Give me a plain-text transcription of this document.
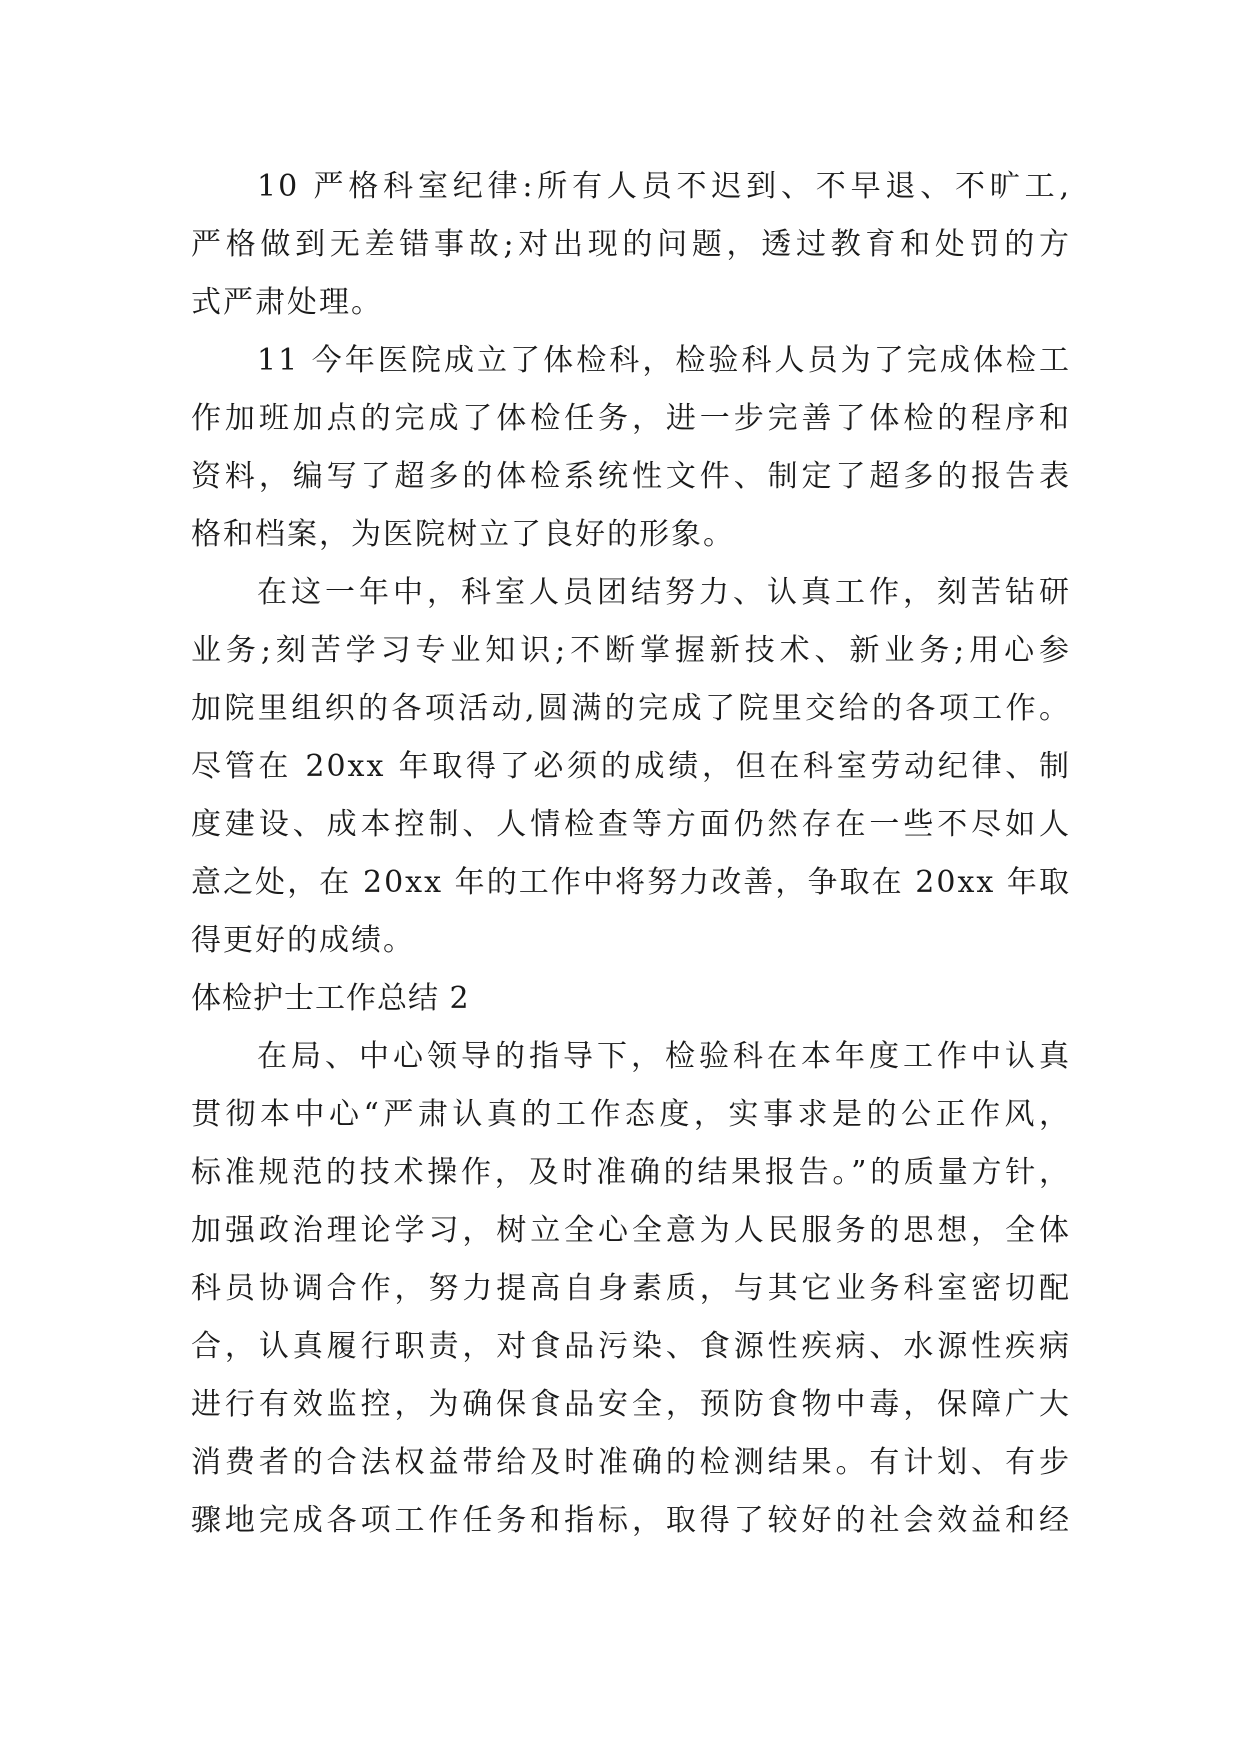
10 严格科室纪律:所有人员不迟到、不早退、不旷工,
严格做到无差错事故;对出现的问题，透过教育和处罚的方
式严肃处理。
11 今年医院成立了体检科，检验科人员为了完成体检工
作加班加点的完成了体检任务，进一步完善了体检的程序和
资料，编写了超多的体检系统性文件、制定了超多的报告表
格和档案，为医院树立了良好的形象。
在这一年中，科室人员团结努力、认真工作，刻苦钻研
业务;刻苦学习专业知识;不断掌握新技术、新业务;用心参
加院里组织的各项活动,圆满的完成了院里交给的各项工作。
尽管在 20xx 年取得了必须的成绩，但在科室劳动纪律、制
度建设、成本控制、人情检查等方面仍然存在一些不尽如人
意之处，在 20xx 年的工作中将努力改善，争取在 20xx 年取
得更好的成绩。
体检护士工作总结 2
在局、中心领导的指导下，检验科在本年度工作中认真
贯彻本中心“严肃认真的工作态度，实事求是的公正作风，
标准规范的技术操作，及时准确的结果报告。”的质量方针，
加强政治理论学习，树立全心全意为人民服务的思想，全体
科员协调合作，努力提高自身素质，与其它业务科室密切配
合，认真履行职责，对食品污染、食源性疾病、水源性疾病
进行有效监控，为确保食品安全，预防食物中毒，保障广大
消费者的合法权益带给及时准确的检测结果。有计划、有步
骤地完成各项工作任务和指标，取得了较好的社会效益和经
